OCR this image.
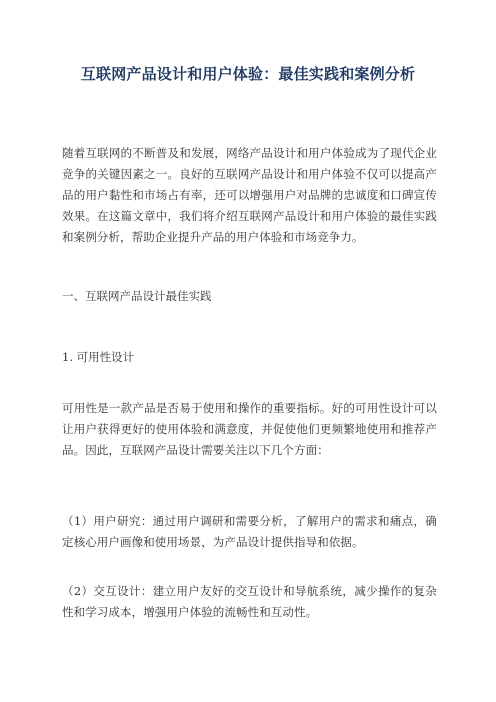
互联网产品设计和用户体验：最佳实践和案例分析
随着互联网的不断普及和发展，网络产品设计和用户体验成为了现代企业竞争的关键因素之一。良好的互联网产品设计和用户体验不仅可以提高产品的用户黏性和市场占有率，还可以增强用户对品牌的忠诚度和口碑宣传效果。在这篇文章中，我们将介绍互联网产品设计和用户体验的最佳实践和案例分析，帮助企业提升产品的用户体验和市场竞争力。
一、互联网产品设计最佳实践
1. 可用性设计
可用性是一款产品是否易于使用和操作的重要指标。好的可用性设计可以让用户获得更好的使用体验和满意度，并促使他们更频繁地使用和推荐产品。因此，互联网产品设计需要关注以下几个方面：
（1）用户研究：通过用户调研和需要分析，了解用户的需求和痛点，确定核心用户画像和使用场景，为产品设计提供指导和依据。
（2）交互设计：建立用户友好的交互设计和导航系统，减少操作的复杂性和学习成本，增强用户体验的流畅性和互动性。
